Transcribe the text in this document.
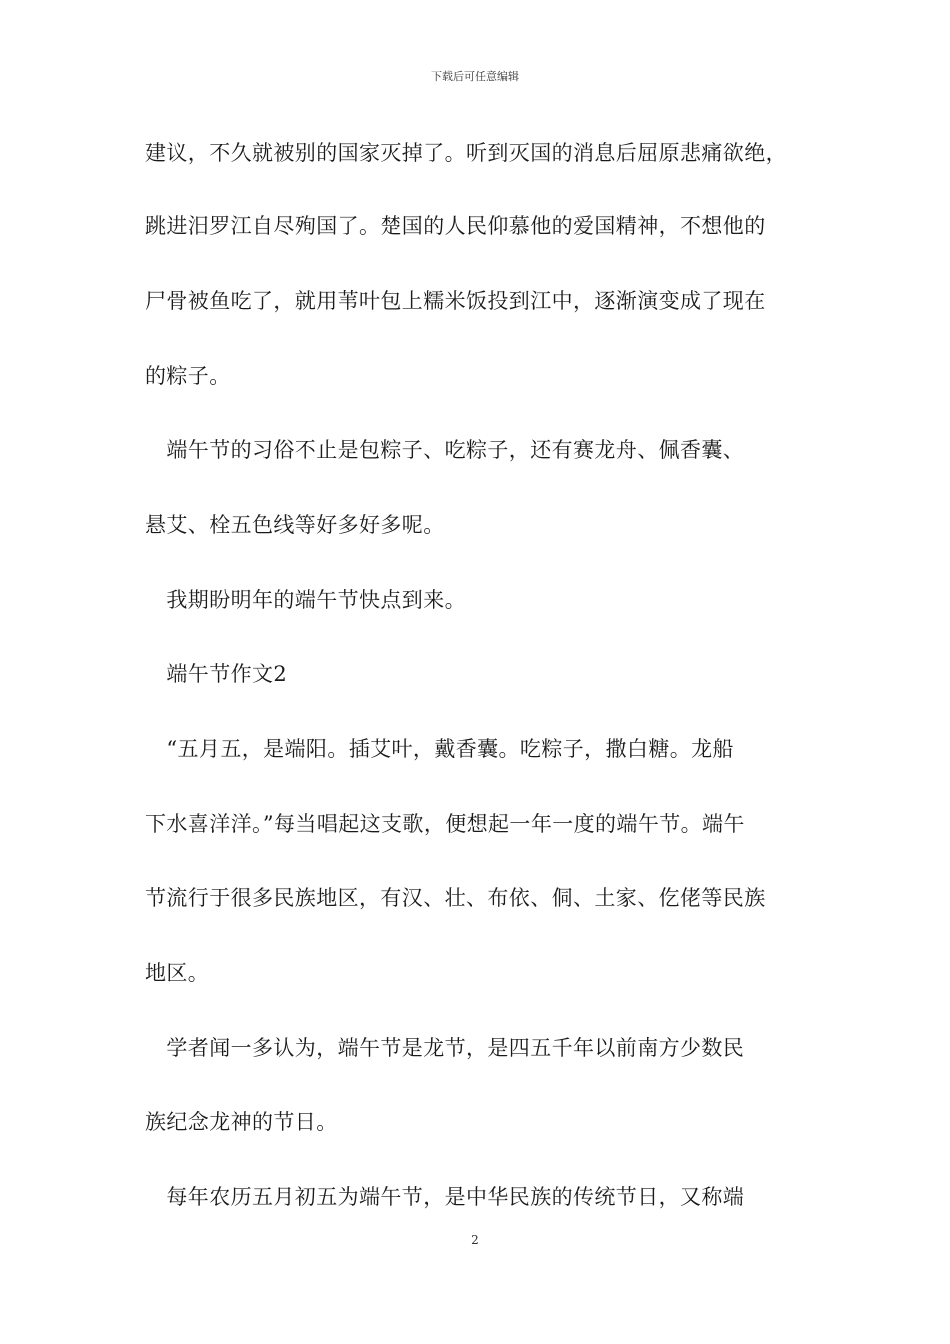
下载后可任意编辑
建议，不久就被别的国家灭掉了。听到灭国的消息后屈原悲痛欲绝，
跳进汨罗江自尽殉国了。楚国的人民仰慕他的爱国精神，不想他的
尸骨被鱼吃了，就用苇叶包上糯米饭投到江中，逐渐演变成了现在
的粽子。
　端午节的习俗不止是包粽子、吃粽子，还有赛龙舟、佩香囊、
悬艾、栓五色线等好多好多呢。
　我期盼明年的端午节快点到来。
　端午节作文2
　“五月五，是端阳。插艾叶，戴香囊。吃粽子，撒白糖。龙船
下水喜洋洋。”每当唱起这支歌，便想起一年一度的端午节。端午
节流行于很多民族地区，有汉、壮、布依、侗、土家、仡佬等民族
地区。
　学者闻一多认为，端午节是龙节，是四五千年以前南方少数民
族纪念龙神的节日。
　每年农历五月初五为端午节，是中华民族的传统节日，又称端
2
